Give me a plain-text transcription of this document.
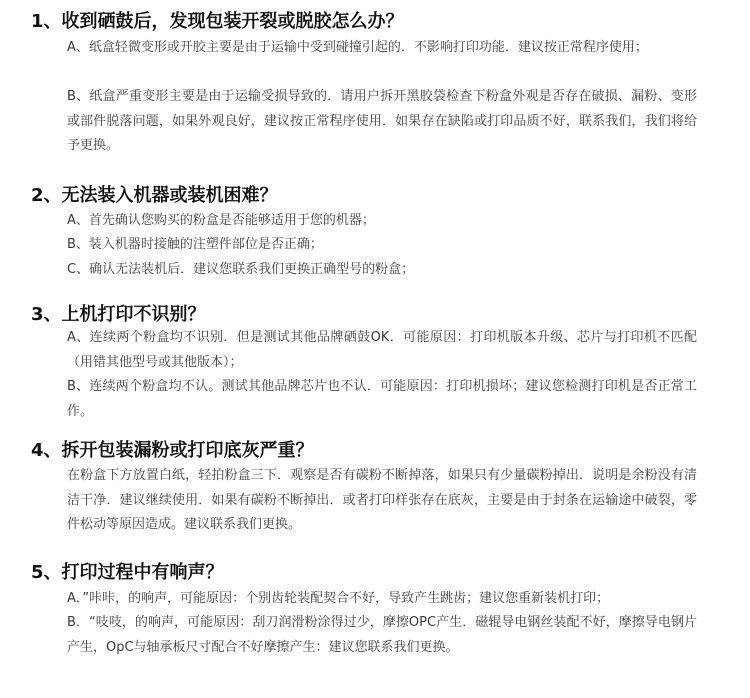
1、收到硒鼓后，发现包装开裂或脱胶怎么办？
A、纸盒轻微变形或开胶主要是由于运输中受到碰撞引起的．不影响打印功能．建议按正常程序使用；
B、纸盒严重变形主要是由于运输受损导致的．请用户拆开黑胶袋检查下粉盒外观是否存在破损、漏粉、变形或部件脱落问题，如果外观良好，建议按正常程序使用．如果存在缺陷或打印品质不好，联系我们，我们将给予更换。
2、无法装入机器或装机困难？
A、首先确认您购买的粉盒是否能够适用于您的机器；
B、装入机器时接触的注塑件部位是否正确；
C、确认无法装机后．建议您联系我们更换正确型号的粉盒；
3、上机打印不识别？
A、连续两个粉盒均不识别．但是测试其他品牌硒鼓OK．可能原因：打印机版本升级、芯片与打印机不匹配（用错其他型号或其他版本）；
B、连续两个粉盒均不认。测试其他品牌芯片也不认．可能原因：打印机损坏；建议您检测打印机是否正常工作。
4、拆开包装漏粉或打印底灰严重？
在粉盒下方放置白纸，轻拍粉盒三下．观察是否有碳粉不断掉落，如果只有少量碳粉掉出．说明是余粉没有清洁干净．建议继续使用．如果有碳粉不断掉出．或者打印样张存在底灰，主要是由于封条在运输途中破裂，零件松动等原因造成。建议联系我们更换。
5、打印过程中有响声？
A．”咔咔，的响声，可能原因：个别齿轮装配契合不好，导致产生跳齿；建议您重新装机打印；
B．“吱吱，的响声，可能原因：刮刀润滑粉涂得过少，摩擦OPC产生．磁辊导电钢丝装配不好，摩擦导电钢片产生，OpC与轴承板尺寸配合不好摩擦产生：建议您联系我们更换。
